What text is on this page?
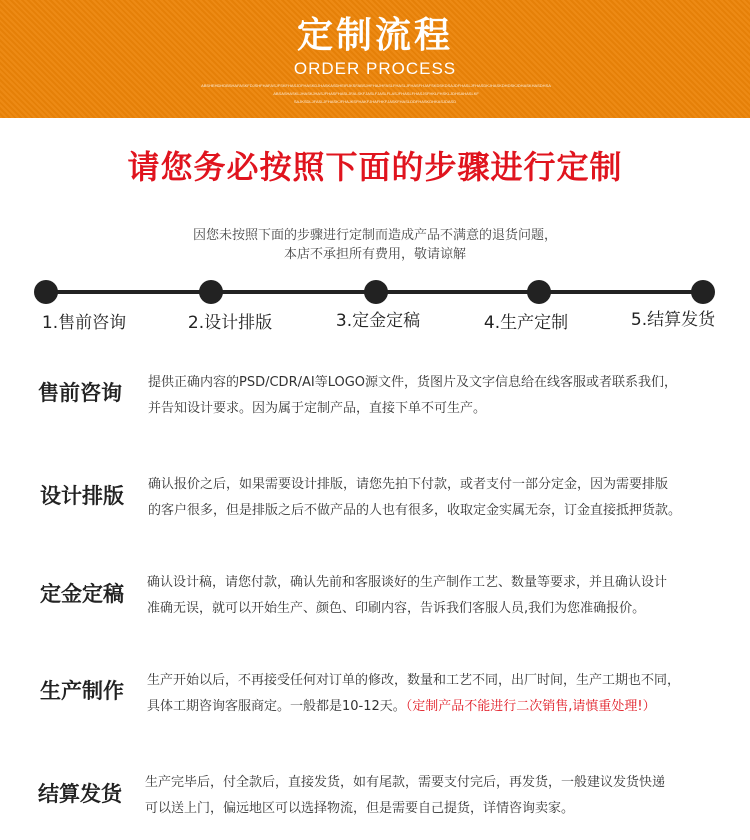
定制流程
ORDER PROCESS
ABSHEHDHDBSHAFASKFDJSHFHAFASJFSKFHASJDFHASKDJHASKASDHEIRJKSFABSJHFHAJHFASLFHASLJFHASFHJAFSKDSKDSAJDFHASLJFHASDKJHASKDHDSKJDHASKHASDHSA
ABSASHASKLJHASKJHASJFHASFHASLJFALSKFJASLFJASLFLASJFHASLFHASJSFHKLFHSKLJDHSAHASLKF
SAJKSDLJFASLJFHASKJFHAJKSFHAKFJHAFHKFJASKFHASLDDFHASKDHKASJDASD
请您务必按照下面的步骤进行定制
因您未按照下面的步骤进行定制而造成产品不满意的退货问题，
本店不承担所有费用，敬请谅解
1.售前咨询	2.设计排版	3.定金定稿	4.生产定制	5.结算发货
售前咨询 提供正确内容的PSD/CDR/AI等LOGO源文件，货图片及文字信息给在线客服或者联系我们，
并告知设计要求。因为属于定制产品，直接下单不可生产。
设计排版 确认报价之后，如果需要设计排版，请您先拍下付款，或者支付一部分定金，因为需要排版
的客户很多，但是排版之后不做产品的人也有很多，收取定金实属无奈，订金直接抵押货款。
定金定稿 确认设计稿，请您付款，确认先前和客服谈好的生产制作工艺、数量等要求，并且确认设计
准确无误，就可以开始生产、颜色、印刷内容，告诉我们客服人员,我们为您准确报价。
生产制作 生产开始以后，不再接受任何对订单的修改，数量和工艺不同，出厂时间，生产工期也不同，
具体工期咨询客服商定。一般都是10-12天。（定制产品不能进行二次销售,请慎重处理!）
结算发货 生产完毕后，付全款后，直接发货，如有尾款，需要支付完后，再发货，一般建议发货快递
可以送上门，偏远地区可以选择物流，但是需要自己提货，详情咨询卖家。
